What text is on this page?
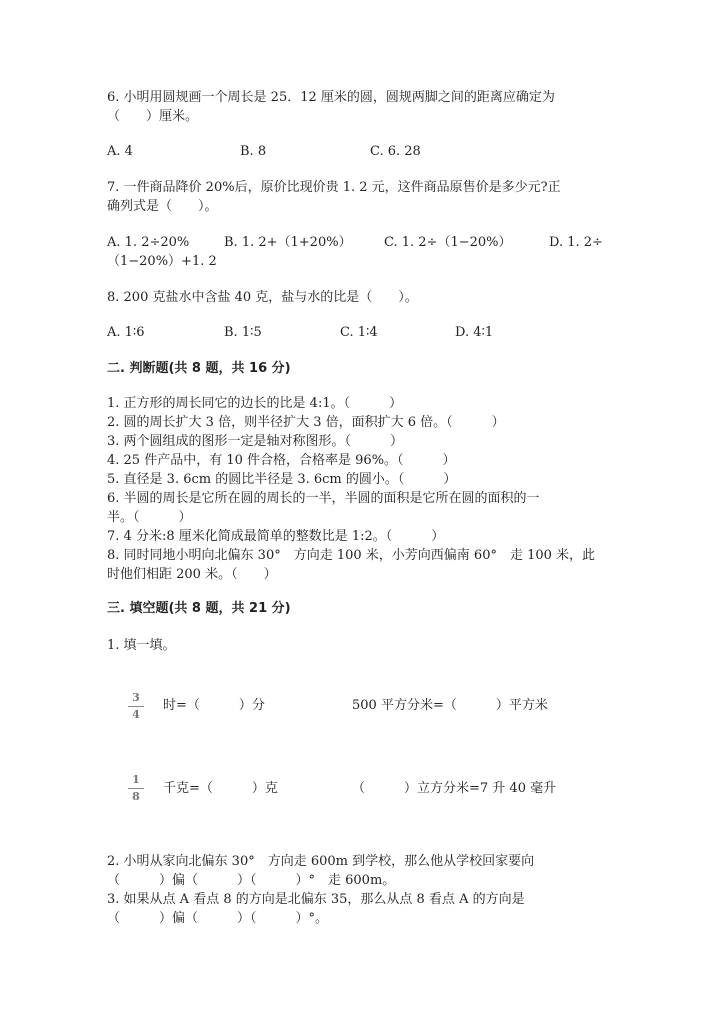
6. 小明用圆规画一个周长是 25．12 厘米的圆，圆规两脚之间的距离应确定为
（　　）厘米。
A. 4	B. 8	C. 6. 28
7. 一件商品降价 20%后，原价比现价贵 1. 2 元，这件商品原售价是多少元?正
确列式是（　　）。
A. 1. 2÷20%	B. 1. 2+（1+20%） C. 1. 2÷（1−20%）	D. 1. 2÷
（1−20%）+1. 2
8. 200 克盐水中含盐 40 克，盐与水的比是（　　）。
A. 1∶6	B. 1∶5	C. 1∶4	D. 4∶1
二. 判断题(共 8 题，共 16 分)
1. 正方形的周长同它的边长的比是 4:1。（　　　）
2. 圆的周长扩大 3 倍，则半径扩大 3 倍，面积扩大 6 倍。（　　　）
3. 两个圆组成的图形一定是轴对称图形。（　　　）
4. 25 件产品中，有 10 件合格，合格率是 96%。（　　　）
5. 直径是 3. 6cm 的圆比半径是 3. 6cm 的圆小。（　　　）
6. 半圆的周长是它所在圆的周长的一半，半圆的面积是它所在圆的面积的一
半。（　　　）
7. 4 分米:8 厘米化简成最简单的整数比是 1:2。（　　　）
8. 同时同地小明向北偏东 30°　方向走 100 米，小芳向西偏南 60°　走 100 米，此
时他们相距 200 米。（　　）
三. 填空题(共 8 题，共 21 分)
1. 填一填。
3
4
时=（　　　）分	500 平方分米=（　　　）平方米
1
8
千克=（　　　）克	（　　　）立方分米=7 升 40 毫升
2. 小明从家向北偏东 30°　方向走 600m 到学校，那么他从学校回家要向
（　　　）偏（　　　）（　　　）°　走 600m。
3. 如果从点 A 看点 8 的方向是北偏东 35，那么从点 8 看点 A 的方向是
（　　　）偏（　　　）（　　　）°。
